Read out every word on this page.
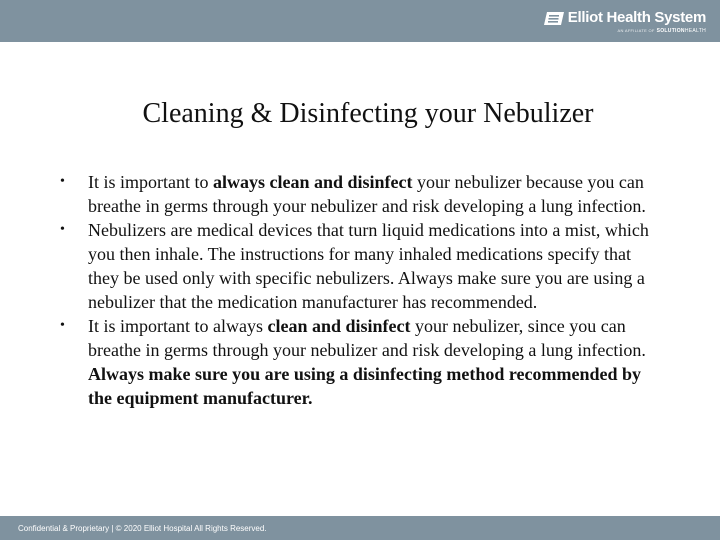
Elliot Health System
AN AFFILIATE OF SOLUTIONHEALTH
Cleaning & Disinfecting your Nebulizer
• It is important to always clean and disinfect your nebulizer because you can breathe in germs through your nebulizer and risk developing a lung infection.
• Nebulizers are medical devices that turn liquid medications into a mist, which you then inhale. The instructions for many inhaled medications specify that they be used only with specific nebulizers. Always make sure you are using a nebulizer that the medication manufacturer has recommended.
• It is important to always clean and disinfect your nebulizer, since you can breathe in germs through your nebulizer and risk developing a lung infection. Always make sure you are using a disinfecting method recommended by the equipment manufacturer.
Confidential & Proprietary | © 2020 Elliot Hospital All Rights Reserved.
